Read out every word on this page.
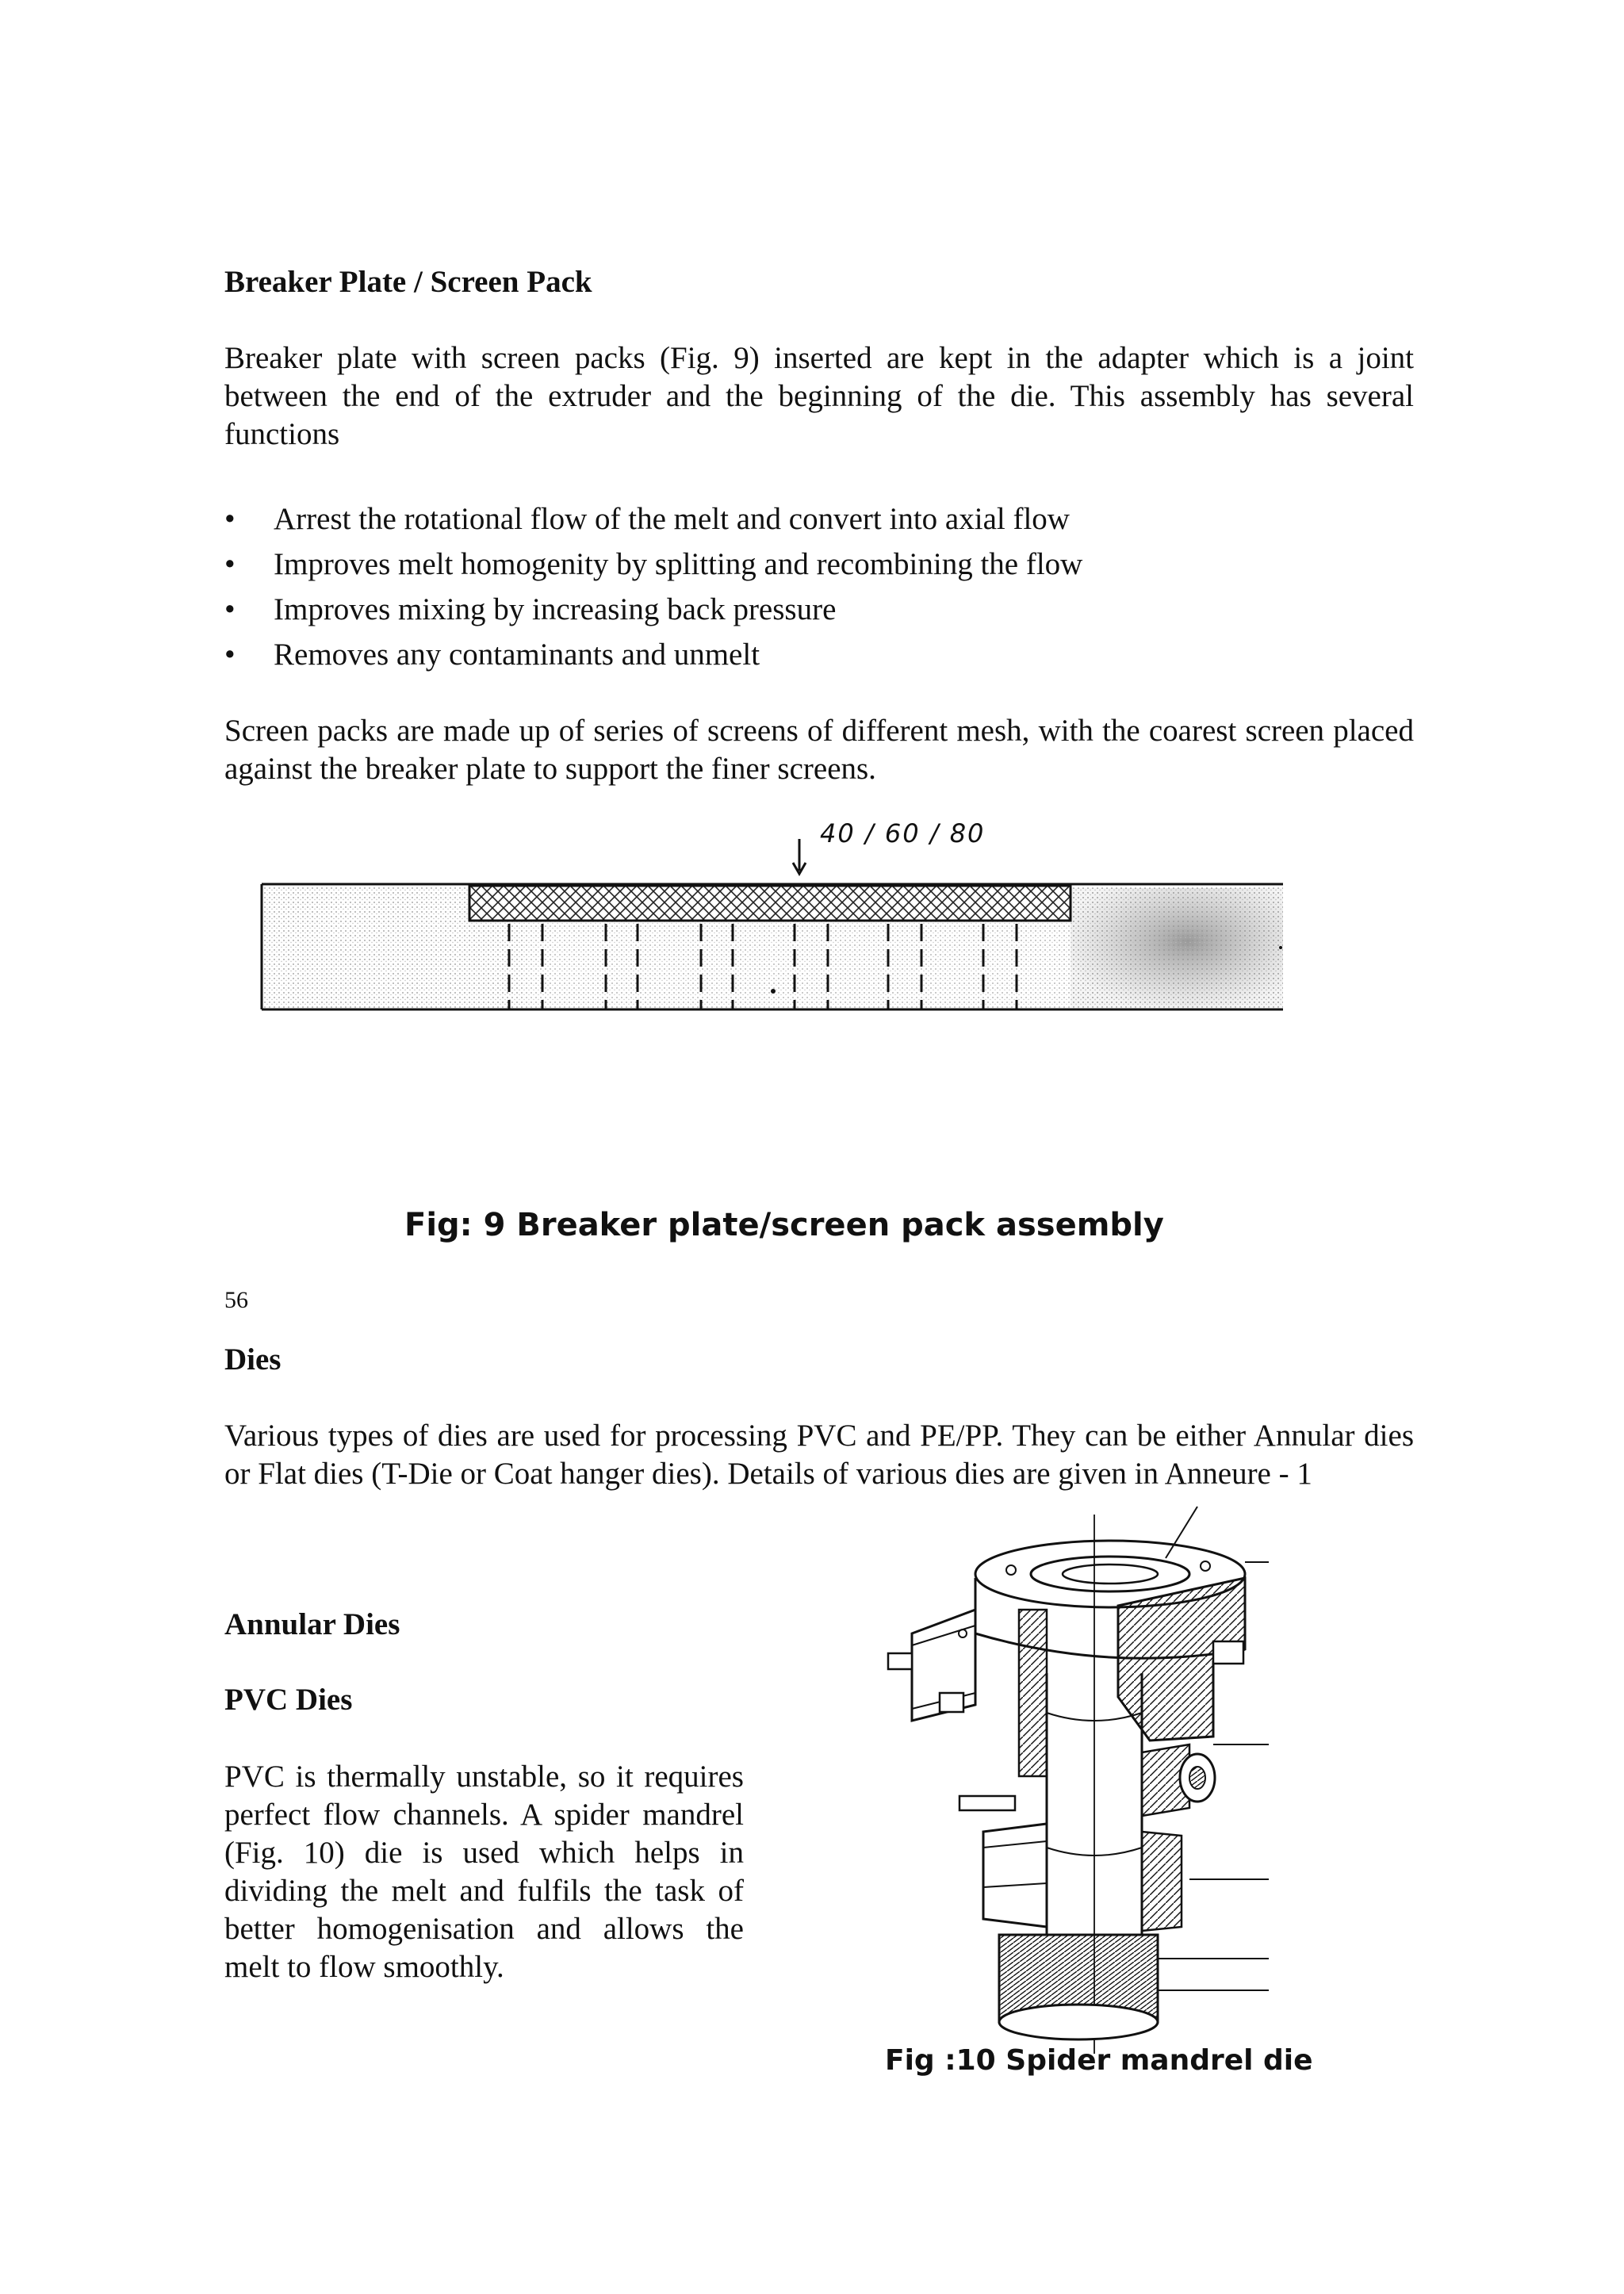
Breaker Plate / Screen Pack
Breaker plate with screen packs (Fig. 9) inserted are kept in the adapter which is a joint between the end of the extruder and the beginning of the die. This assembly has several functions
• Arrest the rotational flow of the melt and convert into axial flow
• Improves melt homogenity by splitting and recombining the flow
• Improves mixing by increasing back pressure
• Removes any contaminants and unmelt
Screen packs are made up of series of screens of different mesh, with the coarest screen placed against the breaker plate to support the finer screens.
40 / 60 / 80
Fig: 9 Breaker plate/screen pack assembly
56
Dies
Various types of dies are used for processing PVC and PE/PP. They can be either Annular dies or Flat dies (T-Die or Coat hanger dies). Details of various dies are given in Anneure - 1
Annular Dies
PVC Dies
PVC is thermally unstable, so it requires perfect flow channels. A spider mandrel (Fig. 10) die is used which helps in dividing the melt and fulfils the task of better homogenisation and allows the melt to flow smoothly.
Fig :10 Spider mandrel die
